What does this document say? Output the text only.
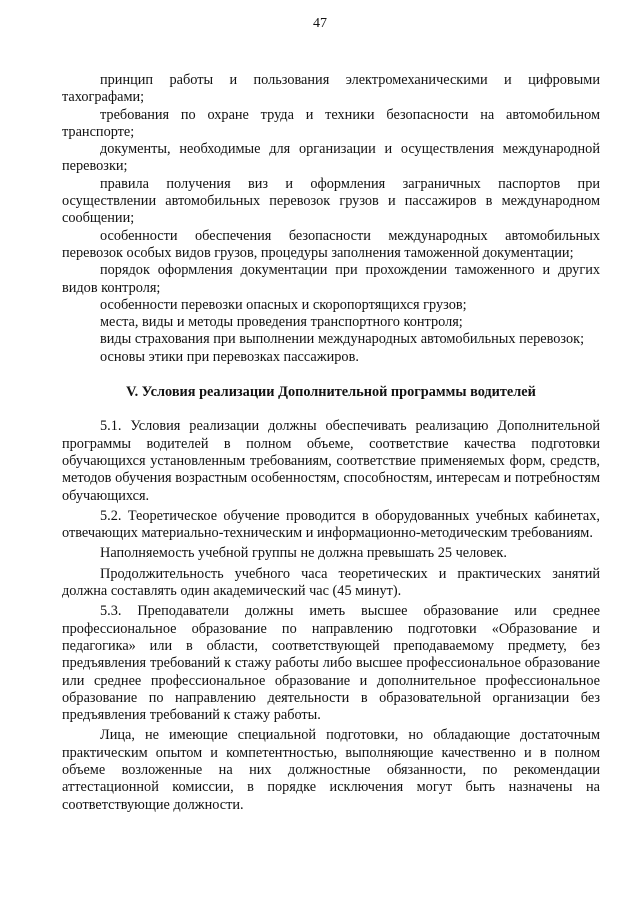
47

принцип работы и пользования электромеханическими и цифровыми тахографами;

требования по охране труда и техники безопасности на автомобильном транспорте;

документы, необходимые для организации и осуществления международной перевозки;

правила получения виз и оформления заграничных паспортов при осуществлении автомобильных перевозок грузов и пассажиров в международном сообщении;

особенности обеспечения безопасности международных автомобильных перевозок особых видов грузов, процедуры заполнения таможенной документации;

порядок оформления документации при прохождении таможенного и других видов контроля;

особенности перевозки опасных и скоропортящихся грузов;

места, виды и методы проведения транспортного контроля;

виды страхования при выполнении международных автомобильных перевозок;

основы этики при перевозках пассажиров.

V. Условия реализации Дополнительной программы водителей

5.1. Условия реализации должны обеспечивать реализацию Дополнительной программы водителей в полном объеме, соответствие качества подготовки обучающихся установленным требованиям, соответствие применяемых форм, средств, методов обучения возрастным особенностям, способностям, интересам и потребностям обучающихся.

5.2. Теоретическое обучение проводится в оборудованных учебных кабинетах, отвечающих материально-техническим и информационно-методическим требованиям.

Наполняемость учебной группы не должна превышать 25 человек.

Продолжительность учебного часа теоретических и практических занятий должна составлять один академический час (45 минут).

5.3. Преподаватели должны иметь высшее образование или среднее профессиональное образование по направлению подготовки «Образование и педагогика» или в области, соответствующей преподаваемому предмету, без предъявления требований к стажу работы либо высшее профессиональное образование или среднее профессиональное образование и дополнительное профессиональное образование по направлению деятельности в образовательной организации без предъявления требований к стажу работы.

Лица, не имеющие специальной подготовки, но обладающие достаточным практическим опытом и компетентностью, выполняющие качественно и в полном объеме возложенные на них должностные обязанности, по рекомендации аттестационной комиссии, в порядке исключения могут быть назначены на соответствующие должности.
